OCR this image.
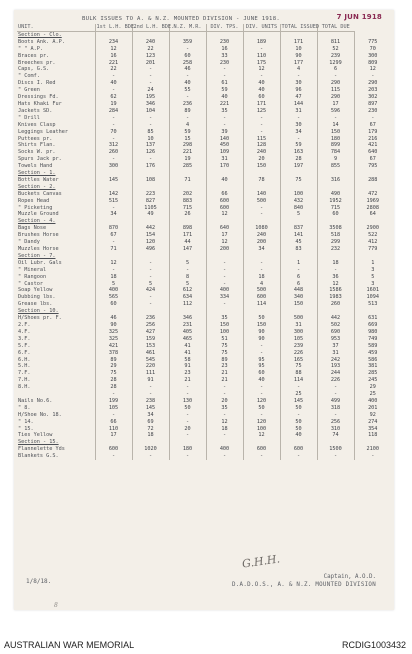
BULK ISSUES TO A. & N.Z. MOUNTED DIVISION - JUNE 1918.	7 JUN 1918
UNIT.	1st L.H. BDE.	2nd L.H. BDE.	N.Z. M.R.	DIV. TPS.	DIV. UNITS	TOTAL ISSUED	TOTAL DUE	
Section - Clo.								
Boots Ank. A.P.	234	240	359	230	189	171	811	775
" " A.P.	12	22	-	16	-	10	52	70
Braces pr.	16	123	60	33	110	90	239	300
Breeches pr.	221	201	258	230	175	177	1299	809
Caps, G.S.	22	-	46	-	12	4	6	12
" Comf.	-	-	-	-	-	-	-	-
Discs I. Red	40	-	40	61	40	30	290	290
" Green	-	24	55	59	40	96	115	203
Dressings Fd.	62	195	-	40	60	47	290	302
Hats Khaki Fur	19	346	236	221	171	144	17	897
Jackets SD.	284	104	89	35	125	31	596	230
" Drill	-	-	-	-	-	-	-	-
Knives Clasp	-	-	4	-	-	30	14	67
Leggings Leather	70	85	59	39	-	34	150	179
Puttees pr.	-	10	15	140	115	-	180	216
Shirts Flan.	312	137	298	450	128	59	899	421
Socks W. pr.	260	126	221	109	240	163	784	640
Spurs Jack pr.	-	-	19	31	20	28	9	67
Towels Hand	300	176	285	170	150	197	855	795
Section - 1.								
Bottles Water	145	108	71	40	78	75	316	288
Section - 2.								
Buckets Canvas	142	223	202	66	140	100	490	472
Ropes Head	515	827	883	600	500	432	1952	1969
" Picketing	-	1105	715	600	-	840	715	2808
Muzzle Ground	34	49	26	12	-	5	60	64
Section - 4.								
Bags Nose	870	442	898	640	1080	837	3508	2900
Brushes Horse	67	154	171	17	240	141	518	522
" Dandy	-	120	44	12	200	45	299	412
Muzzles Horse	71	496	147	200	34	83	232	779
Section - 7.								
Oil Lubr. Gals	12	-	5	-	-	1	18	1
" Mineral	-	-	-	-	-	-	-	3
" Rangoon	18	-	8	-	18	6	36	5
" Castor	5	5	5	-	4	6	12	3
Soap Yellow	400	424	612	400	500	448	1586	1601
Dubbing lbs.	565	-	634	334	600	340	1983	1094
Grease lbs.	60	-	112	-	114	150	260	513
Section - 10.								
H/Shoes pr. F.	46	236	346	35	50	500	442	631
2.F.	90	256	231	150	150	31	502	669
4.F.	325	427	405	100	90	300	690	980
3.F.	325	159	465	51	90	105	953	749
5.F.	421	153	41	75	-	239	37	589
6.F.	378	461	41	75	-	226	31	459
6.H.	89	545	58	89	95	165	242	586
5.H.	29	220	91	23	95	75	193	381
7.F.	75	111	23	21	60	88	244	285
7.H.	28	91	21	21	40	114	226	245
8.H.	28	-	-	-	-	-	-	29
	-	-	-	-	-	25	-	25
Nails No.6.	199	238	130	20	120	145	499	400
" 8.	105	145	50	35	50	50	318	201
H/Shoe No. 18.	-	34	-	-	-	-	-	92
" 14.	66	69	-	12	120	50	256	274
" 15.	110	72	20	18	100	50	310	354
Ties Yellow	17	18	-	-	12	40	74	118
Section - 15.								
Flannelette Yds	600	1020	180	400	600	600	1500	2100
Blankets G.S.	-	-	-	-	-	-	-	-
1/8/18.
G.H.H.
Captain, A.O.D.
D.A.D.O.S., A. & N.Z. MOUNTED DIVISION
8
AUSTRALIAN WAR MEMORIAL	RCDIG1003432
